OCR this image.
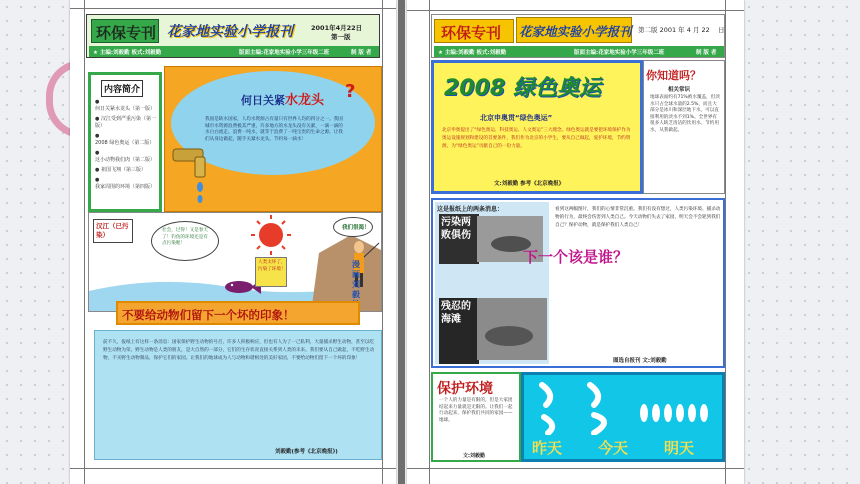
环保专刊 花家地实验小学报刊	2001年4月22日
第一版
★ 主编:刘毅勤 板式:刘毅勤	版面主编:花家地实验小学三年级二班	制 版 者
内容简介
● 何日关紧水龙头（第一版）
● 汉江受到严重污染（第一版）
● 2008 绿色奥运（第二版）
● 这小动物我们肉（第二版）
● 祖国飞翔（第三版）
● 我家周围的环境（第四版）
何日关紧水龙头 ?
我国是缺水国家，人均水资源占有量只有世界人均的四分之一。我国城市水资源浪费极其严重，许多地方的水龙头没有关紧，一滴一滴的水白白流走。浪费一吨水，就等于浪费了一吨宝贵的生命之源。让我们从身边做起，随手关紧水龙头，节约每一滴水！
汉江（已污染）
社会，过得！又是春天了！钓鱼的环境还是有点污染喔！
我们很渴！
人类太坏了，污染了环境！
漫画 刘毅
不要给动物们留下一个坏的印象！
前不久，报纸上有这样一条消息：国家保护野生动物的号召，许多人积极响应，但也有人为了一己私利，大量捕杀野生动物，甚至以吃野生动物为荣。野生动物是人类的朋友，是大自然的一部分，它们的生存状况直接关系到人类的未来。我们要从自己做起，不吃野生动物，不买野生动物制品，保护它们的家园。让我们的地球成为人与动物和谐相处的美好家园，不要给动物们留下一个坏的印象！
刘毅勤(参考《北京晚报》)
环保专刊 花家地实验小学报刊 第二版 2001 年 4 月 22 日
★ 主编:刘毅勤 板式:刘毅勤	版面主编:花家地实验小学三年级二班	制 版 者
2008 绿色奥运
北京申奥贯“绿色奥运”
北京申奥提出了“绿色奥运、科技奥运、人文奥运”三大理念。绿色奥运就是要把环境保护作为奥运设施规划和建设的首要条件，我们作为北京的小学生，要从自己做起，爱护环境，节约资源，为“绿色奥运”贡献自己的一份力量。
文:刘毅勤 参考《北京晚报》
你知道吗？
相关常识
地球表面约有71%被水覆盖，但淡水只占全球水量的2.5%，而且大部分是冰川和深层地下水，可以直接利用的淡水不到1%。全世界有很多人缺乏清洁的饮用水。节约用水，从我做起。
这是报纸上的两条消息：
污染两败俱伤
残忍的海滩
下一个该是谁？
看到这两幅图片，我们的心情非常沉重。我们有没有想过，人类污染环境、捕杀动物的行为，最终会伤害到人类自己。今天动物们失去了家园，明天会不会轮到我们自己？保护动物，就是保护我们人类自己！
图选自报刊 文:刘毅勤
保护环境
一个人的力量是有限的，但是大家团结起来力量就是无限的。让我们一起行动起来，保护我们共同的家园——地球。
文:刘毅勤	昨天 今天 明天
